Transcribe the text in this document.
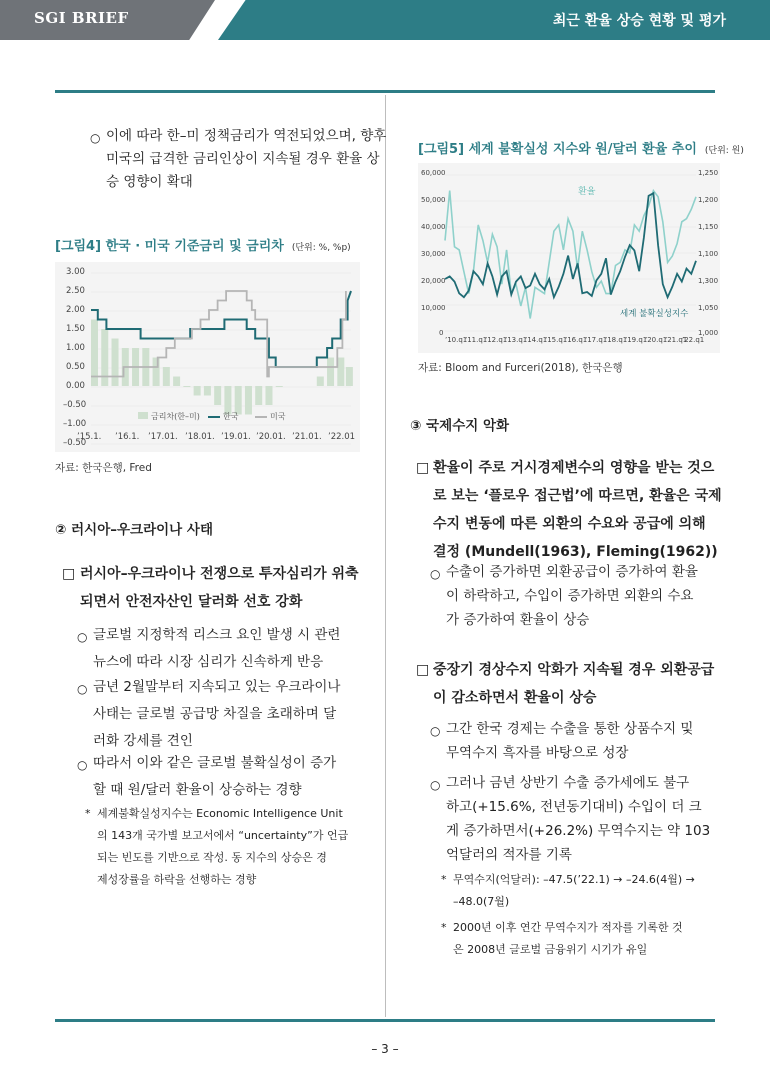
SGI BRIEF	최근 환율 상승 현황 및 평가
○ 이에 따라 한–미 정책금리가 역전되었으며, 향후
미국의 급격한 금리인상이 지속될 경우 환율 상
승 영향이 확대
[그림4] 한국 · 미국 기준금리 및 금리차 (단위: %, %p)
3.00
2.50
2.00
1.50
1.00
0.50
0.00
–0.50
–1.00
–0.50
’15.1. ’16.1. ’17.01. ’18.01. ’19.01. ’20.01. ’21.01. ’22.01
금리차(한–미)	한국	미국
자료: 한국은행, Fred
② 러시아–우크라이나 사태
□ 러시아–우크라이나 전쟁으로 투자심리가 위축
되면서 안전자산인 달러화 선호 강화
○ 글로벌 지정학적 리스크 요인 발생 시 관련
뉴스에 따라 시장 심리가 신속하게 반응
○ 금년 2월말부터 지속되고 있는 우크라이나
사태는 글로벌 공급망 차질을 초래하며 달
러화 강세를 견인
○ 따라서 이와 같은 글로벌 불확실성이 증가
할 때 원/달러 환율이 상승하는 경향
* 세계불확실성지수는 Economic Intelligence Unit
의 143개 국가별 보고서에서 “uncertainty”가 언급
되는 빈도를 기반으로 작성. 동 지수의 상승은 경
제성장률을 하락을 선행하는 경향
[그림5] 세계 불확실성 지수와 원/달러 환율 추이 (단위: 원)
60,000
50,000
40,000
30,000
20,000
10,000
0
1,250
1,200
1,150
1,100
1,300
1,050
1,000
’10.q1
’11.q1
’12.q1
’13.q1
’14.q1
’15.q1
’16.q1
’17.q1
’18.q1
’19.q1
’20.q1
’21.q1
’22.q1
환율
세계 불확실성지수
자료: Bloom and Furceri(2018), 한국은행
③ 국제수지 악화
□ 환율이 주로 거시경제변수의 영향을 받는 것으
로 보는 ‘플로우 접근법’에 따르면, 환율은 국제
수지 변동에 따른 외환의 수요와 공급에 의해
결정 (Mundell(1963), Fleming(1962))
○ 수출이 증가하면 외환공급이 증가하여 환율
이 하락하고, 수입이 증가하면 외환의 수요
가 증가하여 환율이 상승
□ 중장기 경상수지 악화가 지속될 경우 외환공급
이 감소하면서 환율이 상승
○ 그간 한국 경제는 수출을 통한 상품수지 및
무역수지 흑자를 바탕으로 성장
○ 그러나 금년 상반기 수출 증가세에도 불구
하고(+15.6%, 전년동기대비) 수입이 더 크
게 증가하면서(+26.2%) 무역수지는 약 103
억달러의 적자를 기록
* 무역수지(억달러): –47.5(’22.1) → –24.6(4월) →
–48.0(7월)
* 2000년 이후 연간 무역수지가 적자를 기록한 것
은 2008년 글로벌 금융위기 시기가 유일
– 3 –
